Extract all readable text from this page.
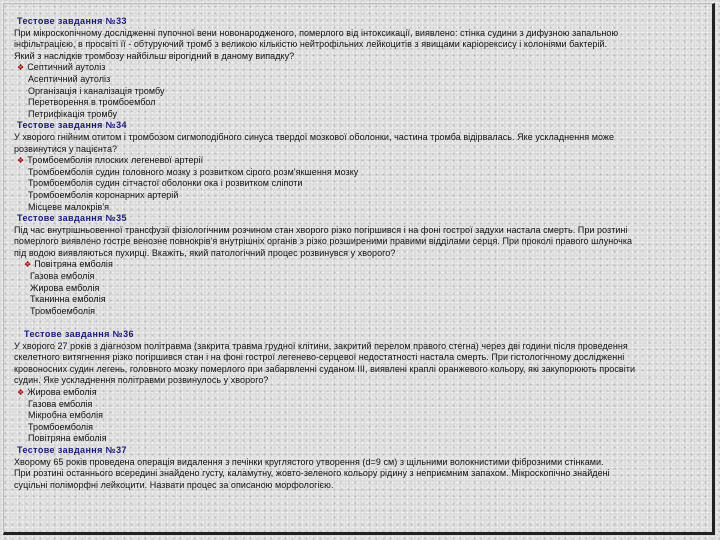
Тестове завдання №33
При мікроскопічному дослідженні пупочної вени новонародженого, померлого від інтоксикації, виявлено: стінка судини з дифузною запальною
інфільтрацією, в просвіті її - обтуруючий тромб з великою кількістю нейтрофільних лейкоцитів з явищами каріорексису і колоніями бактерій.
Який з наслідків тромбозу найбільш вірогідний в даному випадку?
❖ Септичний аутоліз
Асептичний аутоліз
Організація і каналізація тромбу
Перетворення в тромбоембол
Петрифікація тромбу
Тестове завдання №34
У хворого гнійним отитом і тромбозом сигмоподібного синуса твердої мозкової оболонки, частина тромба відірвалась. Яке ускладнення може
розвинутися у пацієнта?
❖ Тромбоемболія плоских легеневої артерії
Тромбоемболія судин головного мозку з розвитком сірого розм'якшення мозку
Тромбоемболія судин сітчастої оболонки ока і розвитком сліпоти
Тромбоемболія коронарних артерій
Місцеве малокрів'я
Тестове завдання №35
Під час внутрішньовенної трансфузії фізіологічним розчином стан хворого різко погіршився і на фоні гострої задухи настала смерть. При розтині
померлого виявлено гостре венозне повнокрів'я внутрішніх органів з різко розширеними правими відділами серця. При проколі правого шлуночка
під водою виявляються пухирці. Вкажіть, який патологічний процес розвинувся у хворого?
❖ Повітряна емболія
Газова емболія
Жирова емболія
Тканинна емболія
Тромбоемболія
Тестове завдання №36
У хворого 27 років з діагнозом політравма (закрита травма грудної клітини, закритий перелом правого стегна) через дві години після проведення
скелетного витягнення різко погіршився стан і на фоні гострої легенево-серцевої недостатності настала смерть. При гістологічному дослідженні
кровоносних судин легень, головного мозку померлого при забарвленні суданом III, виявлені краплі оранжевого кольору, які закупорюють просвіти
судин. Яке ускладнення політравми розвинулось у хворого?
❖ Жирова емболія
Газова емболія
Мікробна емболія
Тромбоемболія
Повітряна емболія
Тестове завдання №37
Хворому 65 років проведена операція видалення з печінки круглястого утворення (d=9 см) з щільними волокнистими фіброзними стінками.
При розтині останнього всередині знайдено густу, каламутну, жовто-зеленого кольору рідину з неприємним запахом. Мікроскопічно знайдені
суцільні поліморфні лейкоцити. Назвати процес за описаною морфологією.
